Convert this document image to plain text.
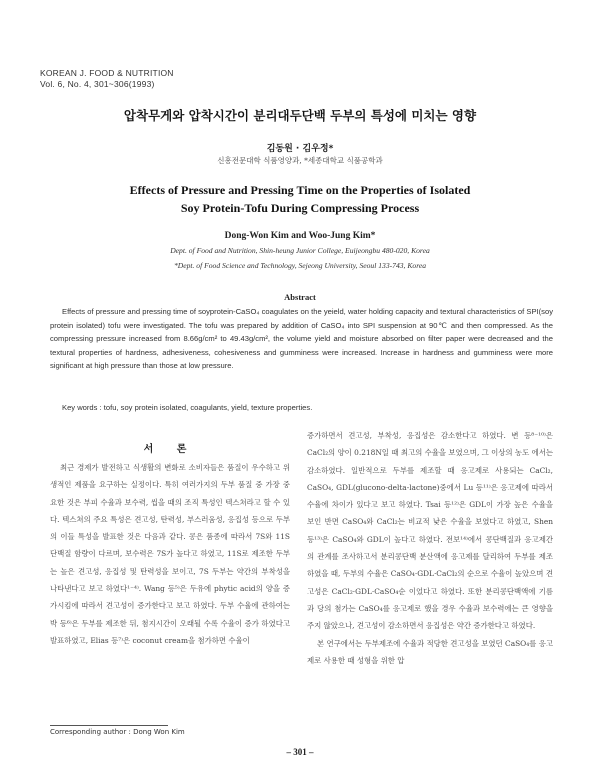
KOREAN J. FOOD & NUTRITION
Vol. 6, No. 4, 301~306(1993)
압착무게와 압착시간이 분리대두단백 두부의 특성에 미치는 영향
김동원 · 김우정*
신흥전문대학 식품영양과, *세종대학교 식품공학과
Effects of Pressure and Pressing Time on the Properties of Isolated
Soy Protein-Tofu During Compressing Process
Dong-Won Kim and Woo-Jung Kim*
Dept. of Food and Nutrition, Shin-heung Junior College, Euijeongbu 480-020, Korea
*Dept. of Food Science and Technology, Sejeong University, Seoul 133-743, Korea
Abstract
Effects of pressure and pressing time of soyprotein-CaSO₄ coagulates on the yeield, water holding capacity and textural characteristics of SPI(soy protein isolated) tofu were investigated. The tofu was prepared by addition of CaSO₄ into SPI suspension at 90℃ and then compressed. As the compressing pressure increased from 8.66g/cm² to 49.43g/cm², the volume yield and moisture absorbed on filter paper were decreased and the textural properties of hardness, adhesiveness, cohesiveness and gumminess were increased. Increase in hardness and gumminess were more significant at high pressure than those at low pressure.
Key words : tofu, soy protein isolated, coagulants, yield, texture properties.
서 론

최근 경제가 발전하고 식생활의 변화로 소비자들은 품질이 우수하고 위생적인 제품을 요구하는 실정이다. 특히 여러가지의 두부 품질 중 가장 중요한 것은 부피 수율과 보수력, 씹을 때의 조직 특성인 텍스쳐라고 할 수 있다. 텍스쳐의 주요 특성은 견고성, 탄력성, 부스러움성, 응집성 등으로 두부의 이들 특성을 발표한 것은 다음과 같다. 콩은 품종에 따라서 7S와 11S 단백질 함량이 다르며, 보수력은 7S가 높다고 하였고, 11S로 제조한 두부는 높은 견고성, 응집성 및 탄력성을 보이고, 7S 두부는 약간의 부착성을 나타낸다고 보고 하였다¹⁻⁴⁾. Wang 등⁵⁾은 두유에 phytic acid의 양을 증가시킴에 따라서 견고성이 증가한다고 보고 하였다. 두부 수율에 관하여는 박 등⁶⁾은 두부를 제조한 뒤, 첨지시간이 오래될 수록 수율이 증가 하였다고 발표하였고, Elias 등⁷⁾은 coconut cream을 첨가하면 수율이

증가하면서 견고성, 부착성, 응집성은 감소한다고 하였다. 변 등⁸⁻¹⁰⁾은 CaCl₂의 양이 0.218N일 때 최고의 수율을 보였으며, 그 이상의 농도 에서는 감소하였다. 일반적으로 두부를 제조할 때 응고제로 사용되는 CaCl₂, CaSO₄, GDL(glucono-delta-lactone)중에서 Lu 등¹¹⁾은 응고제에 따라서 수율에 차이가 있다고 보고 하였다. Tsai 등¹²⁾은 GDL이 가장 높은 수율을 보인 반면 CaSO₄와 CaCl₂는 비교적 낮은 수율을 보였다고 하였고, Shen 등¹³⁾은 CaSO₄와 GDL이 높다고 하였다. 전보¹⁴⁾에서 콩단백질과 응고제간의 관계를 조사하고서 분리콩단백 분산액에 응고제를 달리하여 두부를 제조하였을 때, 두부의 수율은 CaSO₄·GDL·CaCl₂의 순으로 수율이 높았으며 견고성은 CaCl₂·GDL·CaSO₄순 이었다고 하였다. 또한 분리콩단백액에 기름과 당의 첨가는 CaSO₄를 응고제로 했을 경우 수율과 보수력에는 큰 영향을 주지 않았으나, 견고성이 감소하면서 응집성은 약간 증가한다고 하였다.

본 연구에서는 두부제조에 수율과 적당한 견고성을 보였던 CaSO₄를 응고제로 사용한 때 성형을 위한 압

Corresponding author : Dong Won Kim
– 301 –
